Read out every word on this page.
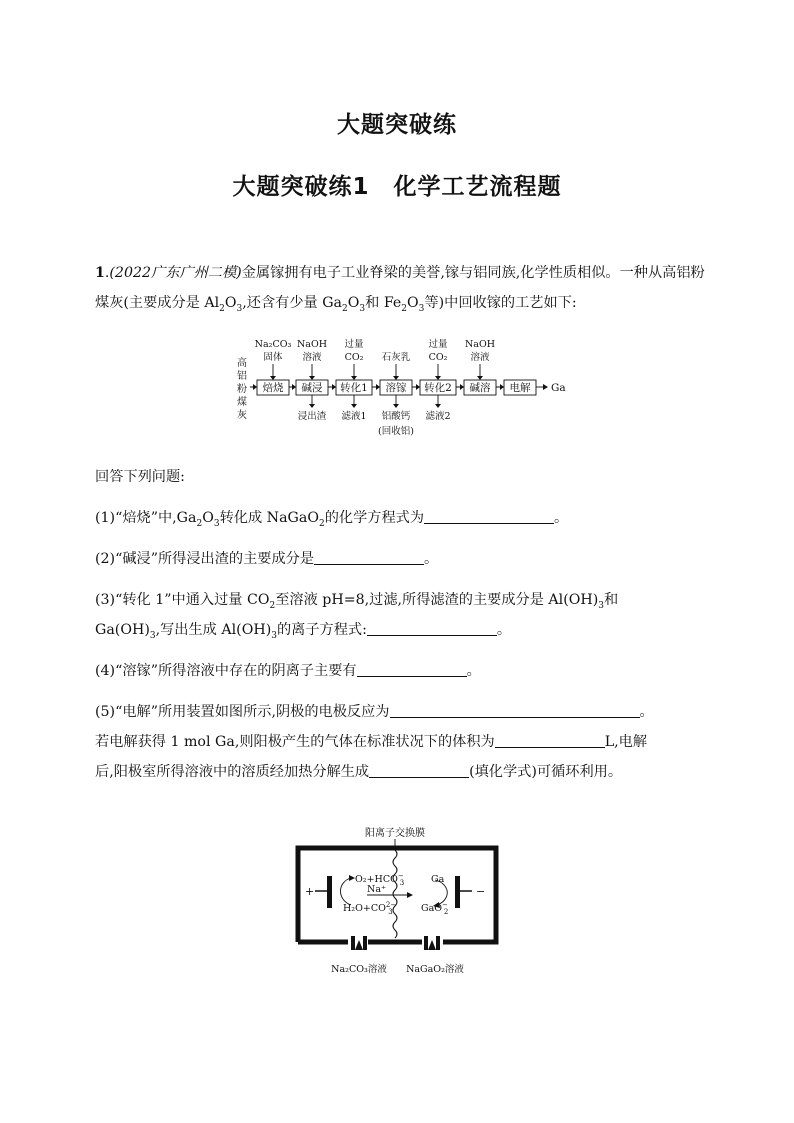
大题突破练
大题突破练1　化学工艺流程题
1.(2022广东广州二模)金属镓拥有电子工业脊梁的美誉,镓与铝同族,化学性质相似。一种从高铝粉煤灰(主要成分是 $Al_2O_3$,还含有少量 $Ga_2O_3$和 $Fe_2O_3$等)中回收镓的工艺如下:
高
铝
粉
煤
灰
焙烧 碱浸 转化1 溶镓 转化2 碱溶 电解 Ga
Na₂CO₃
固体
NaOH
溶液
过量
CO₂ 石灰乳
过量
CO₂
NaOH
溶液
浸出渣 滤液1 铝酸钙
(回收铝)
滤液2
回答下列问题:
(1)“焙烧”中$,Ga_2O_3$转化成 NaGaO$_2$的化学方程式为	。
(2)“碱浸”所得浸出渣的主要成分是	。
(3)“转化 1”中通入过量 $CO_2$至溶液 pH=8,过滤,所得滤渣的主要成分是 $Al(OH)_3$和
$Ga(OH)_3$,写出生成 $Al(OH)_3$的离子方程式:	。
(4)“溶镓”所得溶液中存在的阴离子主要有	。
(5)“电解”所用装置如图所示,阴极的电极反应为	。
若电解获得 1 mol Ga,则阳极产生的气体在标准状况下的体积为	L,电解
后,阳极室所得溶液中的溶质经加热分解生成	(填化学式)可循环利用。
阳离子交换膜
+	−
O₂+HCO− 3
Na⁺
$H_2O+CO^{2-}$ 3
Ga
GaO− 2
Na₂CO₃溶液 NaGaO₂溶液
